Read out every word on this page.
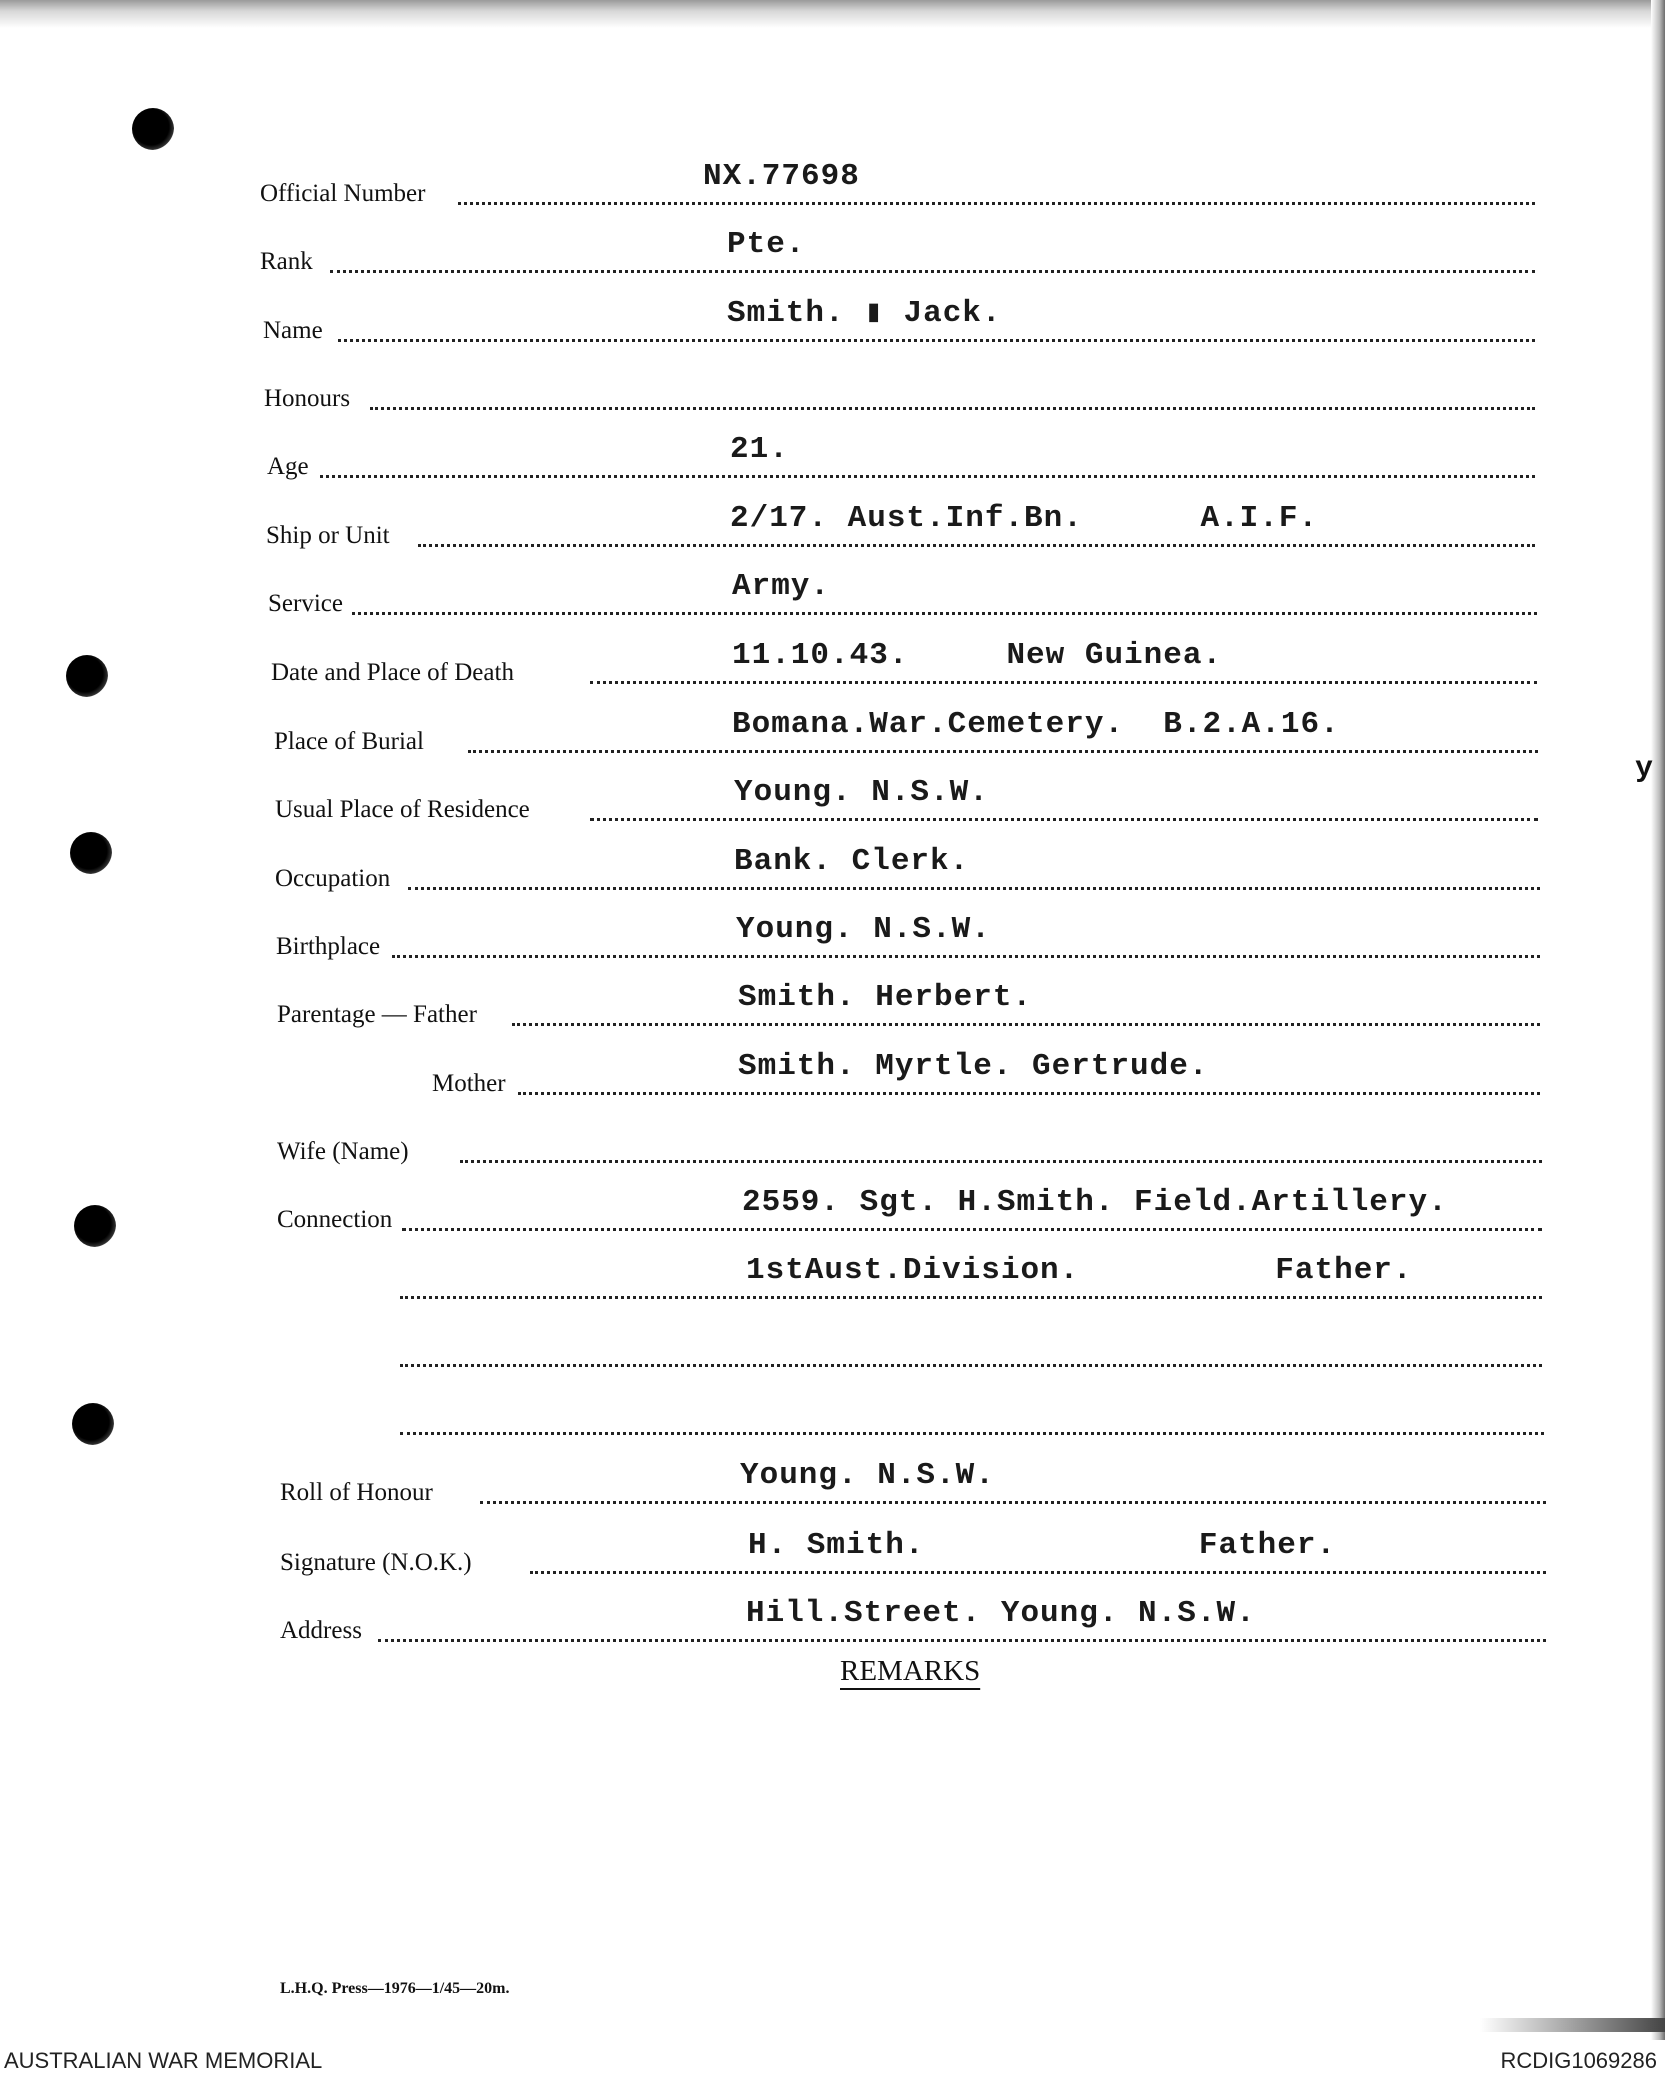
Official Number	NX.77698
Rank	Pte.
Name	Smith. ▮ Jack.
Honours
Age	21.
Ship or Unit	2/17. Aust.Inf.Bn.      A.I.F.
Service	Army.
Date and Place of Death	11.10.43.     New Guinea.
Place of Burial	Bomana.War.Cemetery.  B.2.A.16.
Usual Place of Residence	Young. N.S.W.
Occupation	Bank. Clerk.
Birthplace	Young. N.S.W.
Parentage — Father	Smith. Herbert.
Mother	Smith. Myrtle. Gertrude.
Wife (Name)
Connection	2559. Sgt. H.Smith. Field.Artillery.
1stAust.Division.          Father.
Roll of Honour	Young. N.S.W.
Signature (N.O.K.)	H. Smith.              Father.
Address	Hill.Street. Young. N.S.W.
REMARKS
L.H.Q. Press—1976—1/45—20m.
y
AUSTRALIAN WAR MEMORIAL	RCDIG1069286
